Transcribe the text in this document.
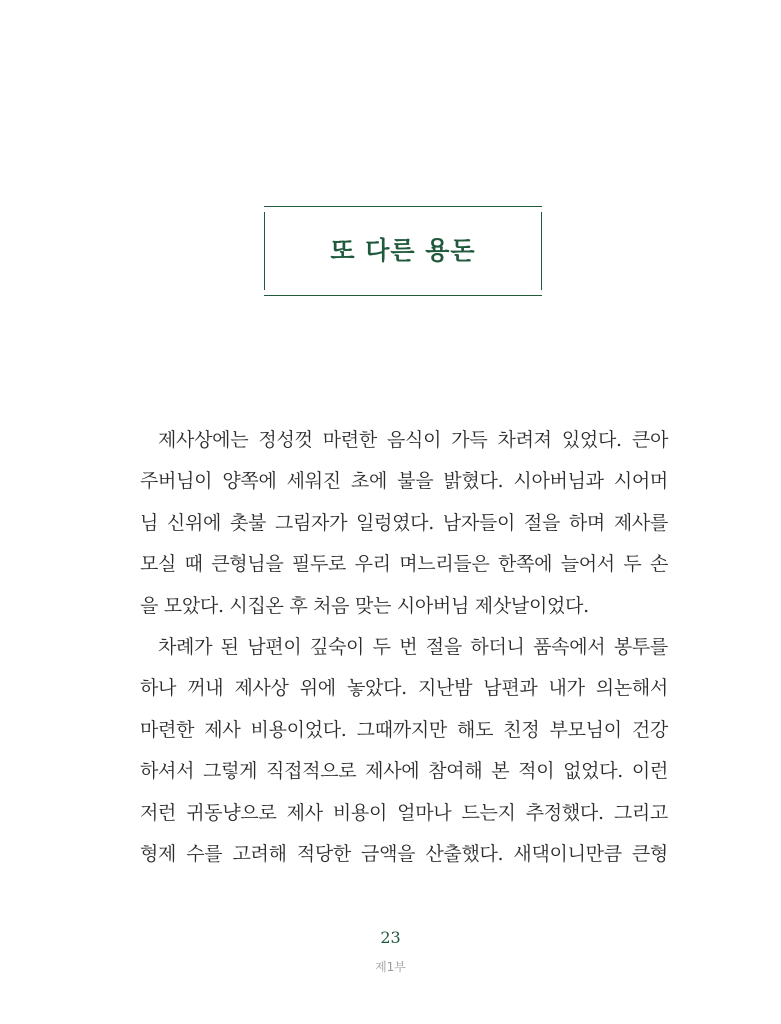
또 다른 용돈
제사상에는 정성껏 마련한 음식이 가득 차려져 있었다. 큰아
주버님이 양쪽에 세워진 초에 불을 밝혔다. 시아버님과 시어머
님 신위에 촛불 그림자가 일렁였다. 남자들이 절을 하며 제사를
모실 때 큰형님을 필두로 우리 며느리들은 한쪽에 늘어서 두 손
을 모았다. 시집온 후 처음 맞는 시아버님 제삿날이었다.
차례가 된 남편이 깊숙이 두 번 절을 하더니 품속에서 봉투를
하나 꺼내 제사상 위에 놓았다. 지난밤 남편과 내가 의논해서
마련한 제사 비용이었다. 그때까지만 해도 친정 부모님이 건강
하셔서 그렇게 직접적으로 제사에 참여해 본 적이 없었다. 이런
저런 귀동냥으로 제사 비용이 얼마나 드는지 추정했다. 그리고
형제 수를 고려해 적당한 금액을 산출했다. 새댁이니만큼 큰형
23
제1부
